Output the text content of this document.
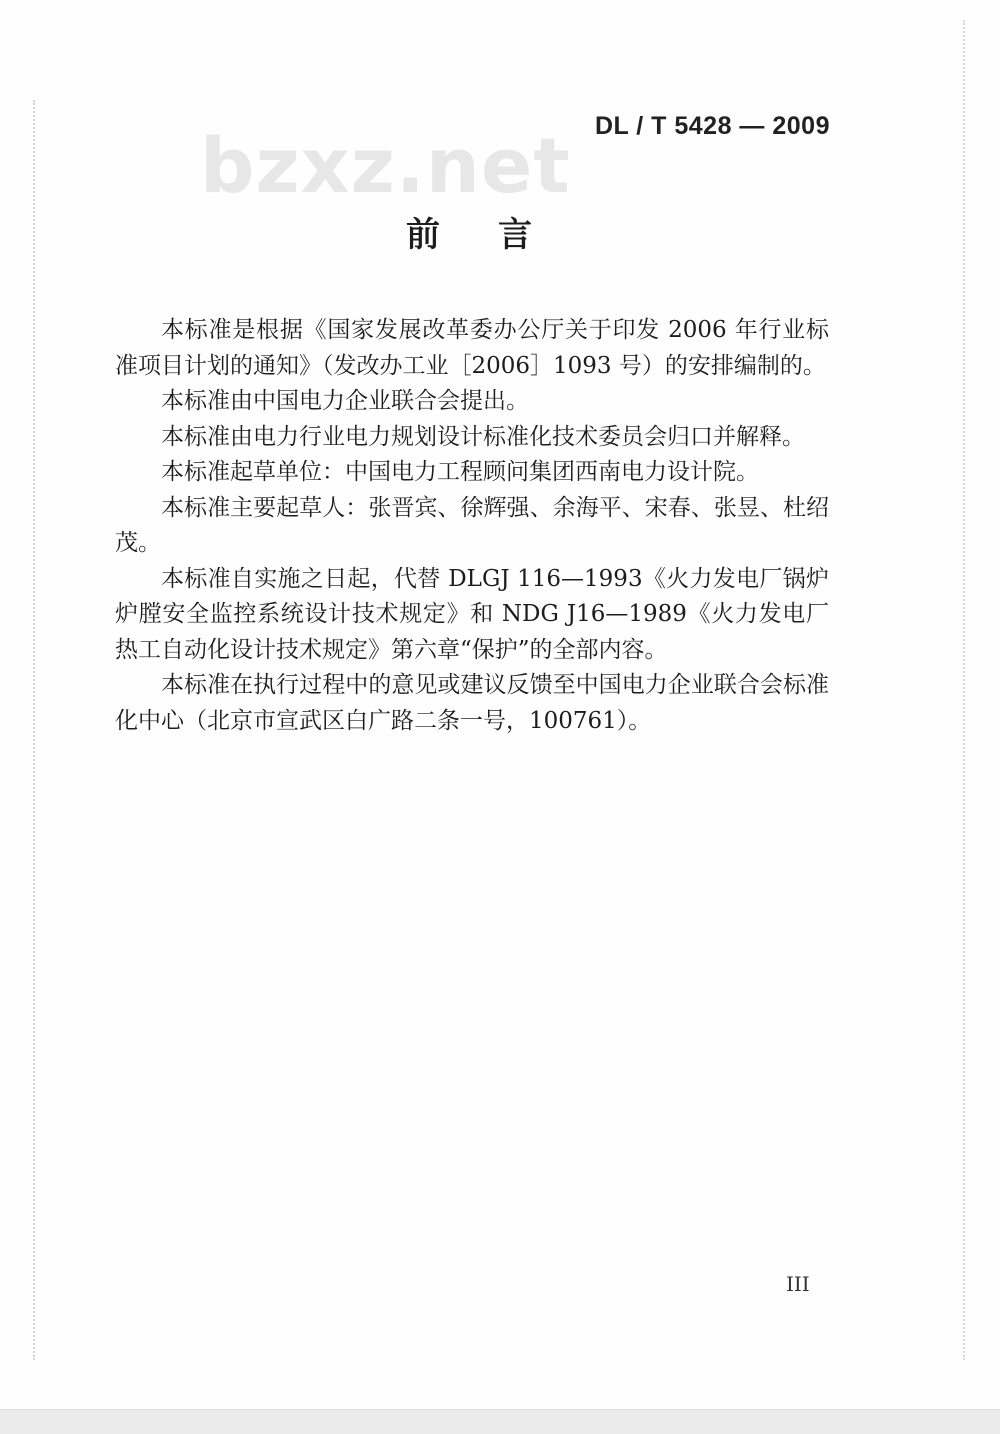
DL / T 5428 — 2009
bzxz.net
前言

本标准是根据《国家发展改革委办公厅关于印发 2006 年行业标准项目计划的通知》（发改办工业［2006］1093 号）的安排编制的。

本标准由中国电力企业联合会提出。

本标准由电力行业电力规划设计标准化技术委员会归口并解释。

本标准起草单位：中国电力工程顾问集团西南电力设计院。

本标准主要起草人：张晋宾、徐辉强、余海平、宋春、张昱、杜绍茂。

本标准自实施之日起，代替 DLGJ 116—1993《火力发电厂锅炉炉膛安全监控系统设计技术规定》和 NDG J16—1989《火力发电厂热工自动化设计技术规定》第六章“保护”的全部内容。

本标准在执行过程中的意见或建议反馈至中国电力企业联合会标准化中心（北京市宣武区白广路二条一号，100761）。

III
